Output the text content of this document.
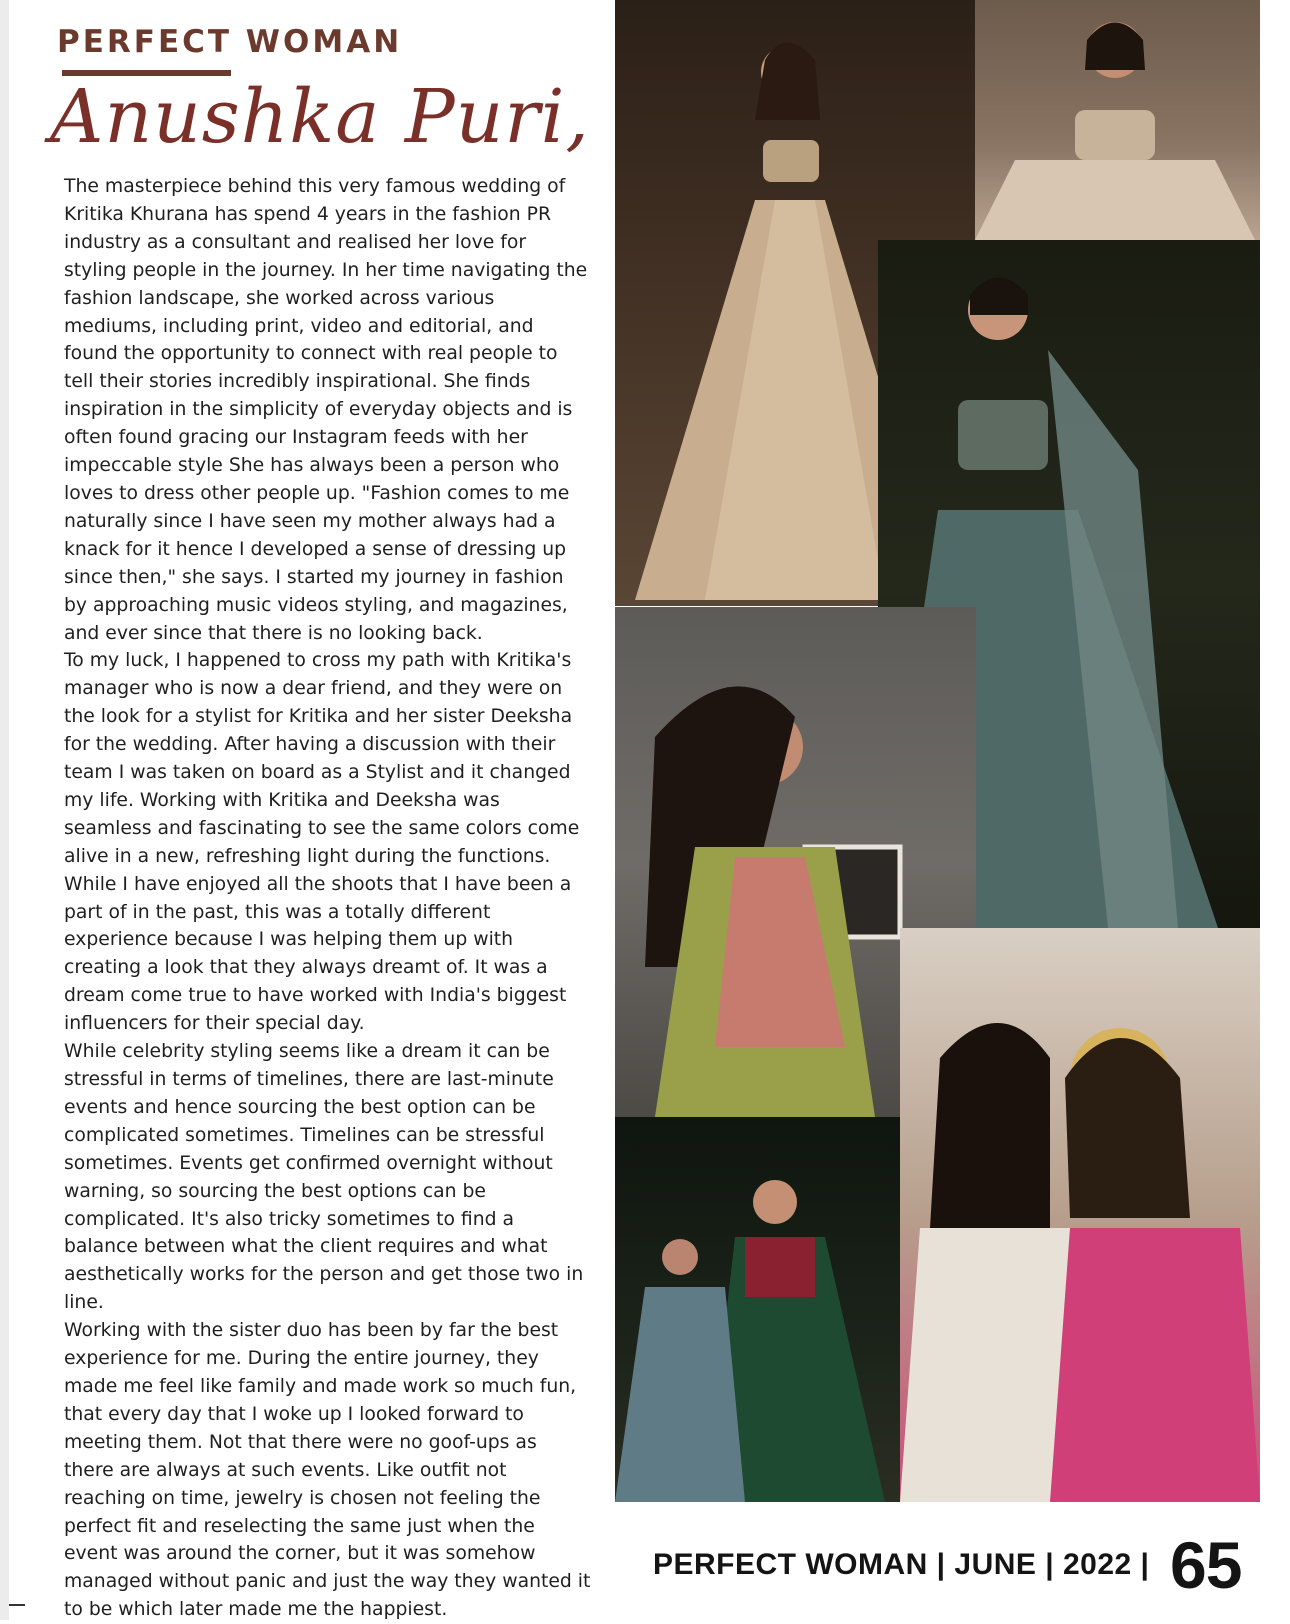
PERFECT WOMAN
Anushka Puri,

The masterpiece behind this very famous wedding of Kritika Khurana has spend 4 years in the fashion PR industry as a consultant and realised her love for styling people in the journey. In her time navigating the fashion landscape, she worked across various mediums, including print, video and editorial, and found the opportunity to connect with real people to tell their stories incredibly inspirational. She finds inspiration in the simplicity of everyday objects and is often found gracing our Instagram feeds with her impeccable style She has always been a person who loves to dress other people up. "Fashion comes to me naturally since I have seen my mother always had a knack for it hence I developed a sense of dressing up since then," she says. I started my journey in fashion by approaching music videos styling, and magazines, and ever since that there is no looking back.

To my luck, I happened to cross my path with Kritika's manager who is now a dear friend, and they were on the look for a stylist for Kritika and her sister Deeksha for the wedding. After having a discussion with their team I was taken on board as a Stylist and it changed my life. Working with Kritika and Deeksha was seamless and fascinating to see the same colors come alive in a new, refreshing light during the functions. While I have enjoyed all the shoots that I have been a part of in the past, this was a totally different experience because I was helping them up with creating a look that they always dreamt of. It was a dream come true to have worked with India's biggest influencers for their special day.

While celebrity styling seems like a dream it can be stressful in terms of timelines, there are last-minute events and hence sourcing the best option can be complicated sometimes. Timelines can be stressful sometimes. Events get confirmed overnight without warning, so sourcing the best options can be complicated. It's also tricky sometimes to find a balance between what the client requires and what aesthetically works for the person and get those two in line.

Working with the sister duo has been by far the best experience for me. During the entire journey, they made me feel like family and made work so much fun, that every day that I woke up I looked forward to meeting them. Not that there were no goof-ups as there are always at such events. Like outfit not reaching on time, jewelry is chosen not feeling the perfect fit and reselecting the same just when the event was around the corner, but it was somehow managed without panic and just the way they wanted it to be which later made me the happiest.

PERFECT WOMAN | JUNE | 2022 | 65
